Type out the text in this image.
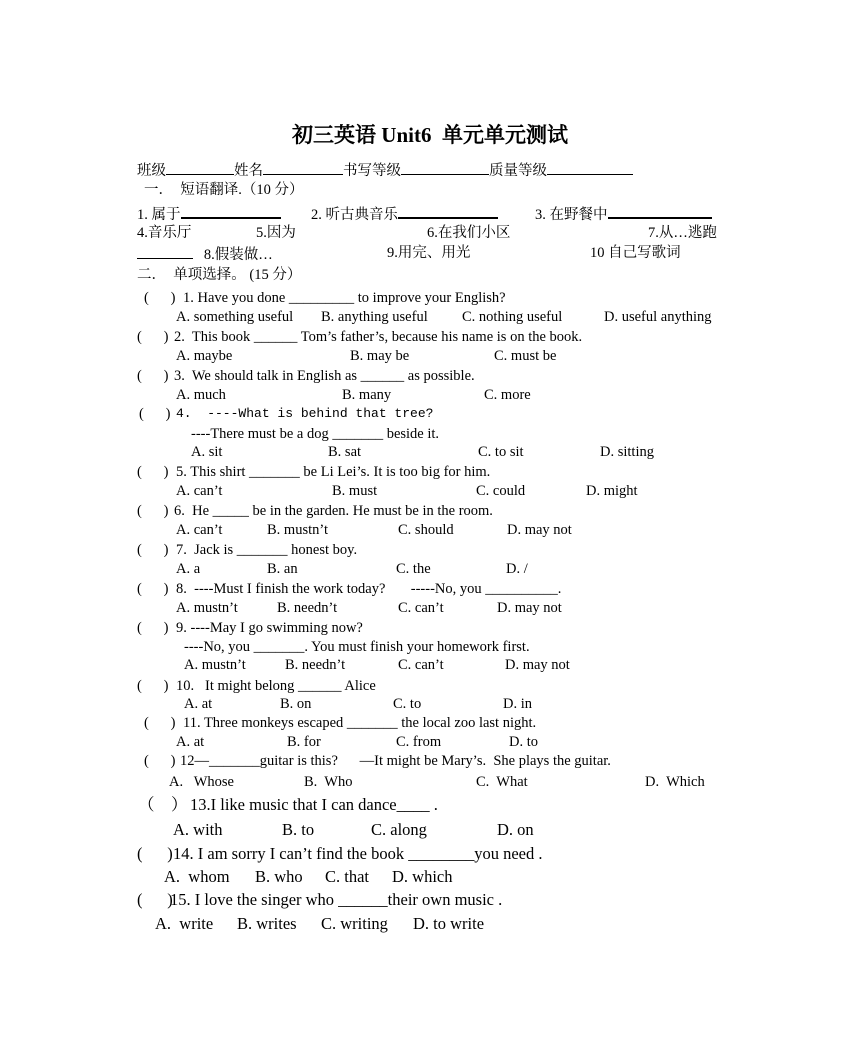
初三英语 Unit6  单元单元测试
班级	姓名	书写等级	质量等级
一．  短语翻译.（10 分）
1. 属于	2. 听古典音乐	3. 在野餐中
4.音乐厅	5.因为	6.在我们小区	7.从…逃跑
8.假装做…	9.用完、用光	10 自己写歌词
二．  单项选择。 (15 分）
(      ) 1. Have you done _________ to improve your English?
A. something useful B. anything useful C. nothing useful	D. useful anything
(      ) 2.  This book ______ Tom’s father’s, because his name is on the book.
A. maybe	B. may be	C. must be
(      ) 3.  We should talk in English as ______ as possible.
A. much	B. many	C. more
(      ) 4.  ----What is behind that tree?
----There must be a dog _______ beside it.
A. sit	B. sat	C. to sit	D. sitting
(      ) 5. This shirt _______ be Li Lei’s. It is too big for him.
A. can’t	B. must	C. could	D. might
(      ) 6.  He _____ be in the garden. He must be in the room.
A. can’t	B. mustn’t	C. should	D. may not
(      ) 7.  Jack is _______ honest boy.
A. a	B. an	C. the	D. /
(      ) 8.  ----Must I finish the work today?       -----No, you __________.
A. mustn’t	B. needn’t	C. can’t	D. may not
(      ) 9. ----May I go swimming now?
----No, you _______. You must finish your homework first.
A. mustn’t	B. needn’t	C. can’t	D. may not
(      ) 10.   It might belong ______ Alice
A. at	B. on	C. to	D. in
(      ) 11. Three monkeys escaped _______ the local zoo last night.
A. at	B. for	C. from	D. to
(      ) 12—_______guitar is this?      —It might be Mary’s.  She plays the guitar.
A.   Whose	B.  Who	C.  What	D.  Which
（    ） 13.I like music that I can dance____ .
A. with	B. to	C. along	D. on
(      ) 14. I am sorry I can’t find the book ________you need .
A.  whom B. who C. that D. which
(      )
15. I love the singer who ______their own music .
A.  write B. writes C. writing D. to write
